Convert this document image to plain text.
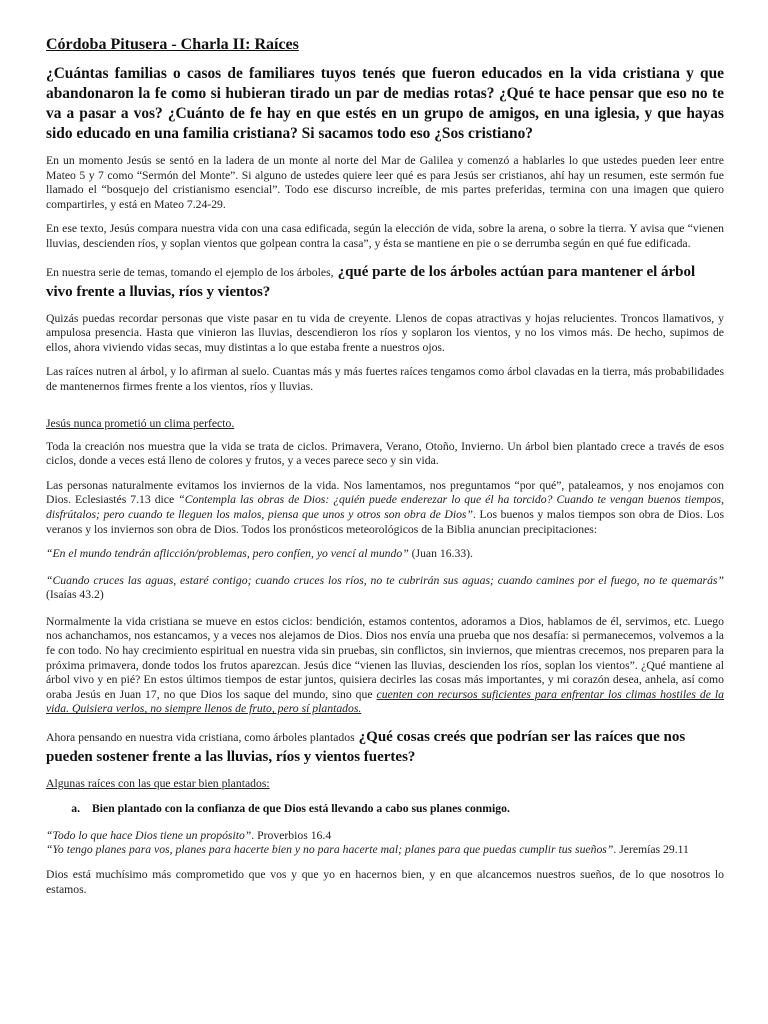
Córdoba Pitusera - Charla II: Raíces
¿Cuántas familias o casos de familiares tuyos tenés que fueron educados en la vida cristiana y que abandonaron la fe como si hubieran tirado un par de medias rotas? ¿Qué te hace pensar que eso no te va a pasar a vos? ¿Cuánto de fe hay en que estés en un grupo de amigos, en una iglesia, y que hayas sido educado en una familia cristiana? Si sacamos todo eso ¿Sos cristiano?

En un momento Jesús se sentó en la ladera de un monte al norte del Mar de Galilea y comenzó a hablarles lo que ustedes pueden leer entre Mateo 5 y 7 como “Sermón del Monte”. Si alguno de ustedes quiere leer qué es para Jesús ser cristianos, ahí hay un resumen, este sermón fue llamado el “bosquejo del cristianismo esencial”. Todo ese discurso increíble, de mis partes preferidas, termina con una imagen que quiero compartirles, y está en Mateo 7.24-29.

En ese texto, Jesús compara nuestra vida con una casa edificada, según la elección de vida, sobre la arena, o sobre la tierra. Y avisa que “vienen lluvias, descienden ríos, y soplan vientos que golpean contra la casa”, y ésta se mantiene en pie o se derrumba según en qué fue edificada.

En nuestra serie de temas, tomando el ejemplo de los árboles, ¿qué parte de los árboles actúan para mantener el árbol vivo frente a lluvias, ríos y vientos?

Quizás puedas recordar personas que viste pasar en tu vida de creyente. Llenos de copas atractivas y hojas relucientes. Troncos llamativos, y ampulosa presencia. Hasta que vinieron las lluvias, descendieron los ríos y soplaron los vientos, y no los vimos más. De hecho, supimos de ellos, ahora viviendo vidas secas, muy distintas a lo que estaba frente a nuestros ojos.

Las raíces nutren al árbol, y lo afirman al suelo. Cuantas más y más fuertes raíces tengamos como árbol clavadas en la tierra, más probabilidades de mantenernos firmes frente a los vientos, ríos y lluvias.

Jesús nunca prometió un clima perfecto.

Toda la creación nos muestra que la vida se trata de ciclos. Primavera, Verano, Otoño, Invierno. Un árbol bien plantado crece a través de esos ciclos, donde a veces está lleno de colores y frutos, y a veces parece seco y sin vida.

Las personas naturalmente evitamos los inviernos de la vida. Nos lamentamos, nos preguntamos “por qué”, pataleamos, y nos enojamos con Dios. Eclesiastés 7.13 dice “Contempla las obras de Dios: ¿quién puede enderezar lo que él ha torcido? Cuando te vengan buenos tiempos, disfrútalos; pero cuando te lleguen los malos, piensa que unos y otros son obra de Dios”. Los buenos y malos tiempos son obra de Dios. Los veranos y los inviernos son obra de Dios. Todos los pronósticos meteorológicos de la Biblia anuncian precipitaciones:

“En el mundo tendrán aflicción/problemas, pero confíen, yo vencí al mundo” (Juan 16.33).

“Cuando cruces las aguas, estaré contigo; cuando cruces los ríos, no te cubrirán sus aguas; cuando camines por el fuego, no te quemarás” (Isaías 43.2)

Normalmente la vida cristiana se mueve en estos ciclos: bendición, estamos contentos, adoramos a Dios, hablamos de él, servimos, etc. Luego nos achanchamos, nos estancamos, y a veces nos alejamos de Dios. Dios nos envía una prueba que nos desafía: si permanecemos, volvemos a la fe con todo. No hay crecimiento espiritual en nuestra vida sin pruebas, sin conflictos, sin inviernos, que mientras crecemos, nos preparen para la próxima primavera, donde todos los frutos aparezcan. Jesús dice “vienen las lluvias, descienden los ríos, soplan los vientos”. ¿Qué mantiene al árbol vivo y en pié? En estos últimos tiempos de estar juntos, quisiera decirles las cosas más importantes, y mi corazón desea, anhela, así como oraba Jesús en Juan 17, no que Dios los saque del mundo, sino que cuenten con recursos suficientes para enfrentar los climas hostiles de la vida. Quisiera verlos, no siempre llenos de fruto, pero sí plantados.

Ahora pensando en nuestra vida cristiana, como árboles plantados ¿Qué cosas creés que podrían ser las raíces que nos pueden sostener frente a las lluvias, ríos y vientos fuertes?

Algunas raíces con las que estar bien plantados:
a.	Bien plantado con la confianza de que Dios está llevando a cabo sus planes conmigo.

“Todo lo que hace Dios tiene un propósito”. Proverbios 16.4
“Yo tengo planes para vos, planes para hacerte bien y no para hacerte mal; planes para que puedas cumplir tus sueños”. Jeremías 29.11

Dios está muchísimo más comprometido que vos y que yo en hacernos bien, y en que alcancemos nuestros sueños, de lo que nosotros lo estamos.
